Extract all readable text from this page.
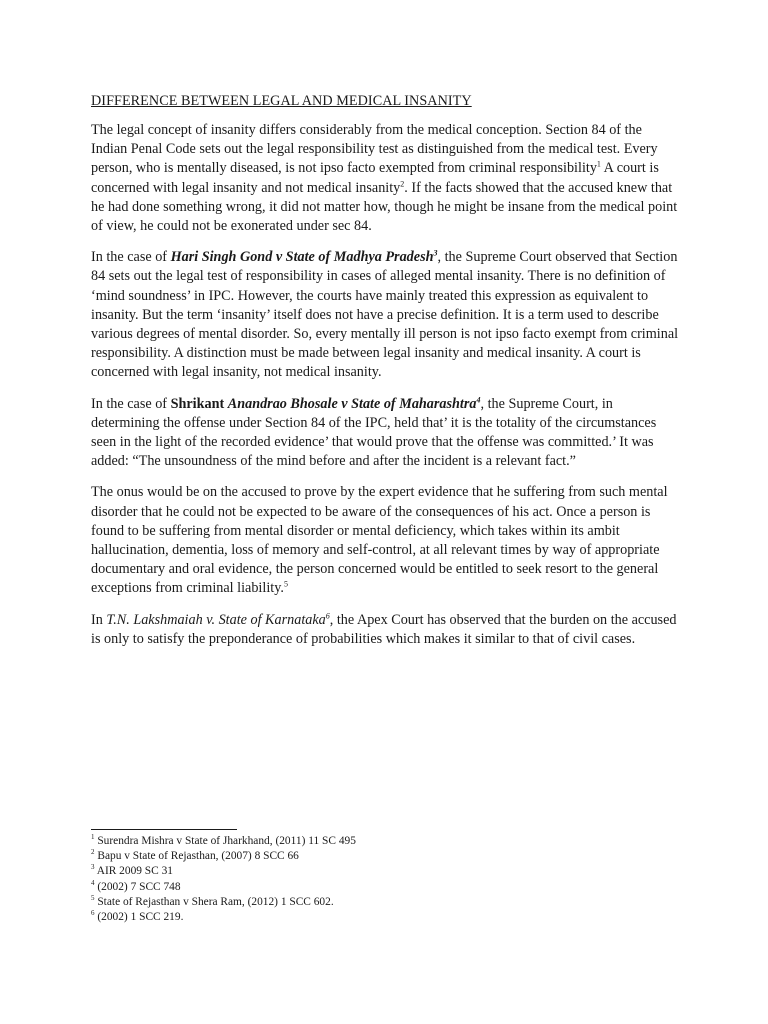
DIFFERENCE BETWEEN LEGAL AND MEDICAL INSANITY

The legal concept of insanity differs considerably from the medical conception. Section 84 of the Indian Penal Code sets out the legal responsibility test as distinguished from the medical test. Every person, who is mentally diseased, is not ipso facto exempted from criminal responsibility$^1$ A court is concerned with legal insanity and not medical insanity$^2$. If the facts showed that the accused knew that he had done something wrong, it did not matter how, though he might be insane from the medical point of view, he could not be exonerated under sec 84.

In the case of Hari Singh Gond v State of Madhya Pradesh$^3$, the Supreme Court observed that Section 84 sets out the legal test of responsibility in cases of alleged mental insanity. There is no definition of ‘mind soundness’ in IPC. However, the courts have mainly treated this expression as equivalent to insanity. But the term ‘insanity’ itself does not have a precise definition. It is a term used to describe various degrees of mental disorder. So, every mentally ill person is not ipso facto exempt from criminal responsibility. A distinction must be made between legal insanity and medical insanity. A court is concerned with legal insanity, not medical insanity.

In the case of Shrikant Anandrao Bhosale v State of Maharashtra$^4$, the Supreme Court, in determining the offense under Section 84 of the IPC, held that’ it is the totality of the circumstances seen in the light of the recorded evidence’ that would prove that the offense was committed.’ It was added: “The unsoundness of the mind before and after the incident is a relevant fact.”

The onus would be on the accused to prove by the expert evidence that he suffering from such mental disorder that he could not be expected to be aware of the consequences of his act. Once a person is found to be suffering from mental disorder or mental deficiency, which takes within its ambit hallucination, dementia, loss of memory and self-control, at all relevant times by way of appropriate documentary and oral evidence, the person concerned would be entitled to seek resort to the general exceptions from criminal liability.$^5$

In T.N. Lakshmaiah v. State of Karnataka$^6$, the Apex Court has observed that the burden on the accused is only to satisfy the preponderance of probabilities which makes it similar to that of civil cases.

$^1$ Surendra Mishra v State of Jharkhand, (2011) 11 SC 495
$^2$ Bapu v State of Rejasthan, (2007) 8 SCC 66
$^3$ AIR 2009 SC 31
$^4$ (2002) 7 SCC 748
$^5$ State of Rejasthan v Shera Ram, (2012) 1 SCC 602.
$^6$ (2002) 1 SCC 219.
